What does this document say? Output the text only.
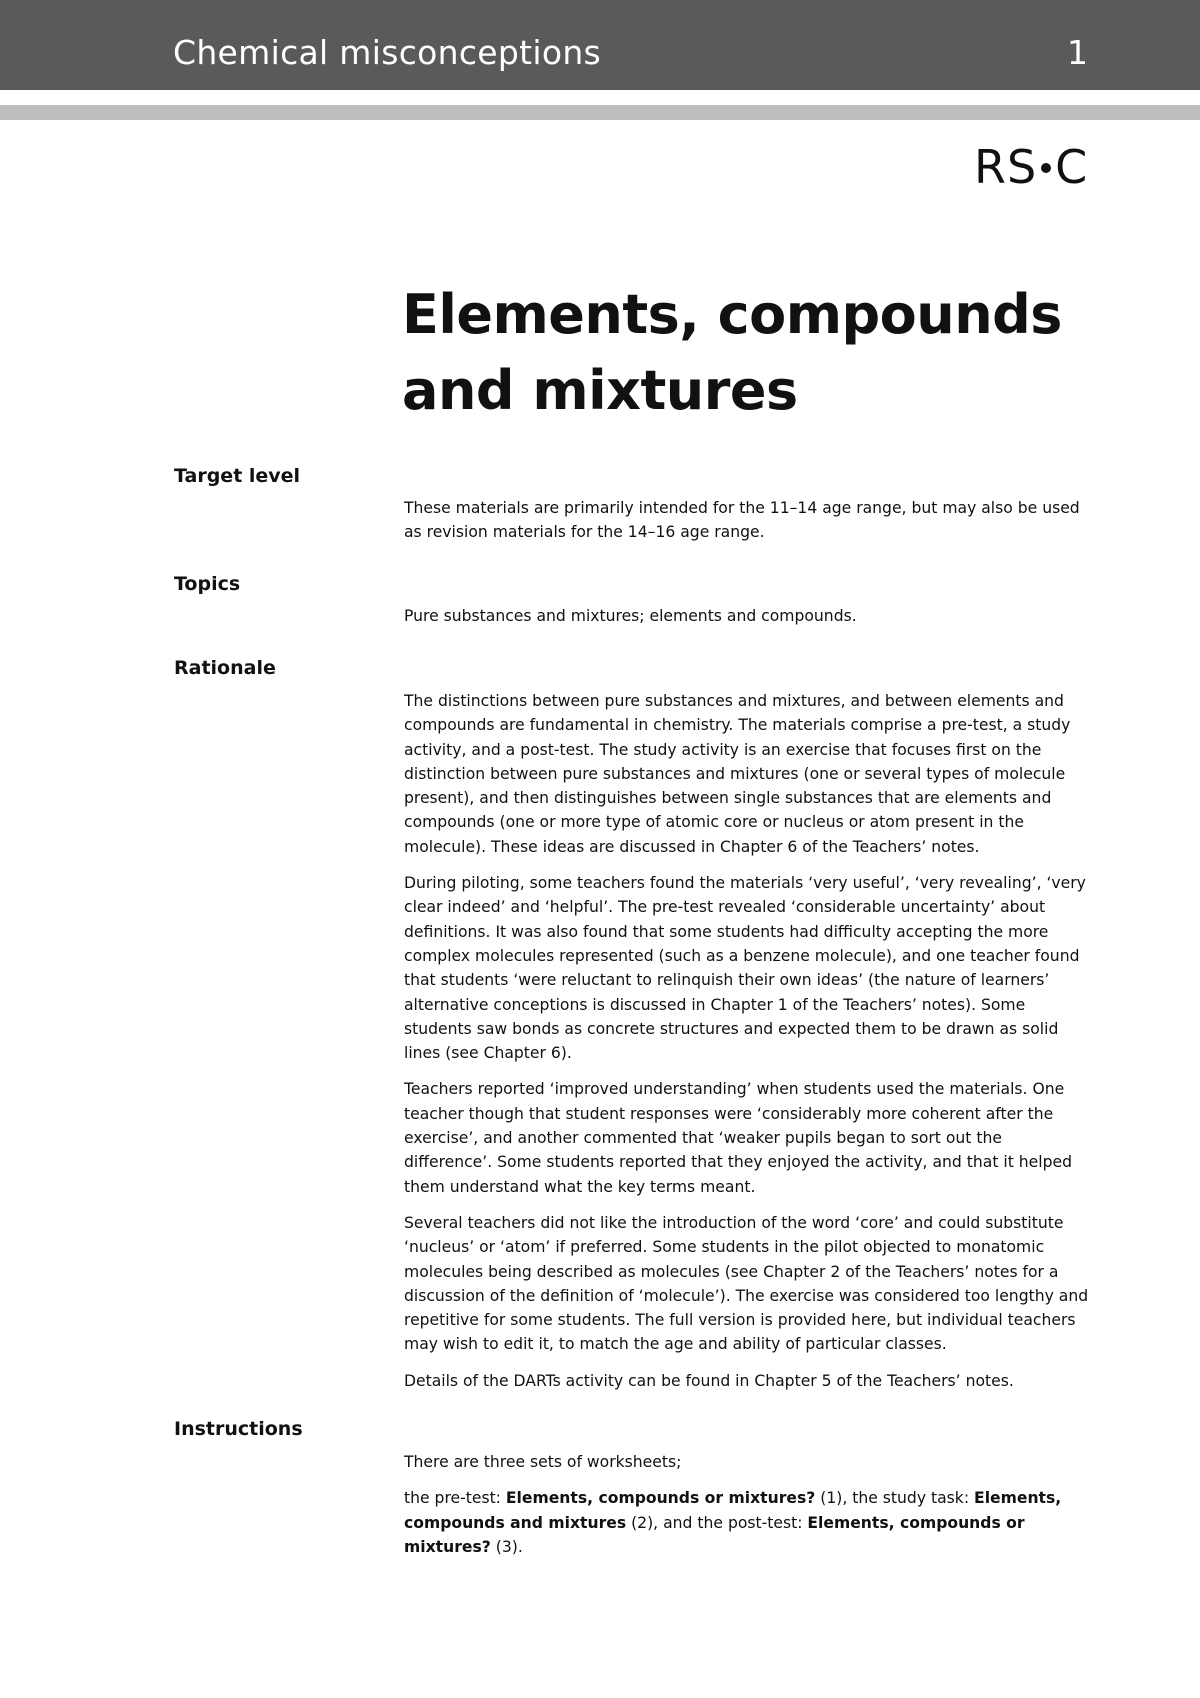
Chemical misconceptions	1
RS C
Elements, compounds
and mixtures
Target level

These materials are primarily intended for the 11–14 age range, but may also be used as revision materials for the 14–16 age range.

Topics

Pure substances and mixtures; elements and compounds.

Rationale

The distinctions between pure substances and mixtures, and between elements and compounds are fundamental in chemistry. The materials comprise a pre-test, a study activity, and a post-test. The study activity is an exercise that focuses first on the distinction between pure substances and mixtures (one or several types of molecule present), and then distinguishes between single substances that are elements and compounds (one or more type of atomic core or nucleus or atom present in the molecule). These ideas are discussed in Chapter 6 of the Teachers’ notes.

During piloting, some teachers found the materials ‘very useful’, ‘very revealing’, ‘very clear indeed’ and ‘helpful’. The pre-test revealed ‘considerable uncertainty’ about definitions. It was also found that some students had difficulty accepting the more complex molecules represented (such as a benzene molecule), and one teacher found that students ‘were reluctant to relinquish their own ideas’ (the nature of learners’ alternative conceptions is discussed in Chapter 1 of the Teachers’ notes). Some students saw bonds as concrete structures and expected them to be drawn as solid lines (see Chapter 6).

Teachers reported ‘improved understanding’ when students used the materials. One teacher though that student responses were ‘considerably more coherent after the exercise’, and another commented that ‘weaker pupils began to sort out the difference’. Some students reported that they enjoyed the activity, and that it helped them understand what the key terms meant.

Several teachers did not like the introduction of the word ‘core’ and could substitute ‘nucleus’ or ‘atom’ if preferred. Some students in the pilot objected to monatomic molecules being described as molecules (see Chapter 2 of the Teachers’ notes for a discussion of the definition of ‘molecule’). The exercise was considered too lengthy and repetitive for some students. The full version is provided here, but individual teachers may wish to edit it, to match the age and ability of particular classes.

Details of the DARTs activity can be found in Chapter 5 of the Teachers’ notes.

Instructions

There are three sets of worksheets;

the pre-test: Elements, compounds or mixtures? (1), the study task: Elements, compounds and mixtures (2), and the post-test: Elements, compounds or mixtures? (3).
